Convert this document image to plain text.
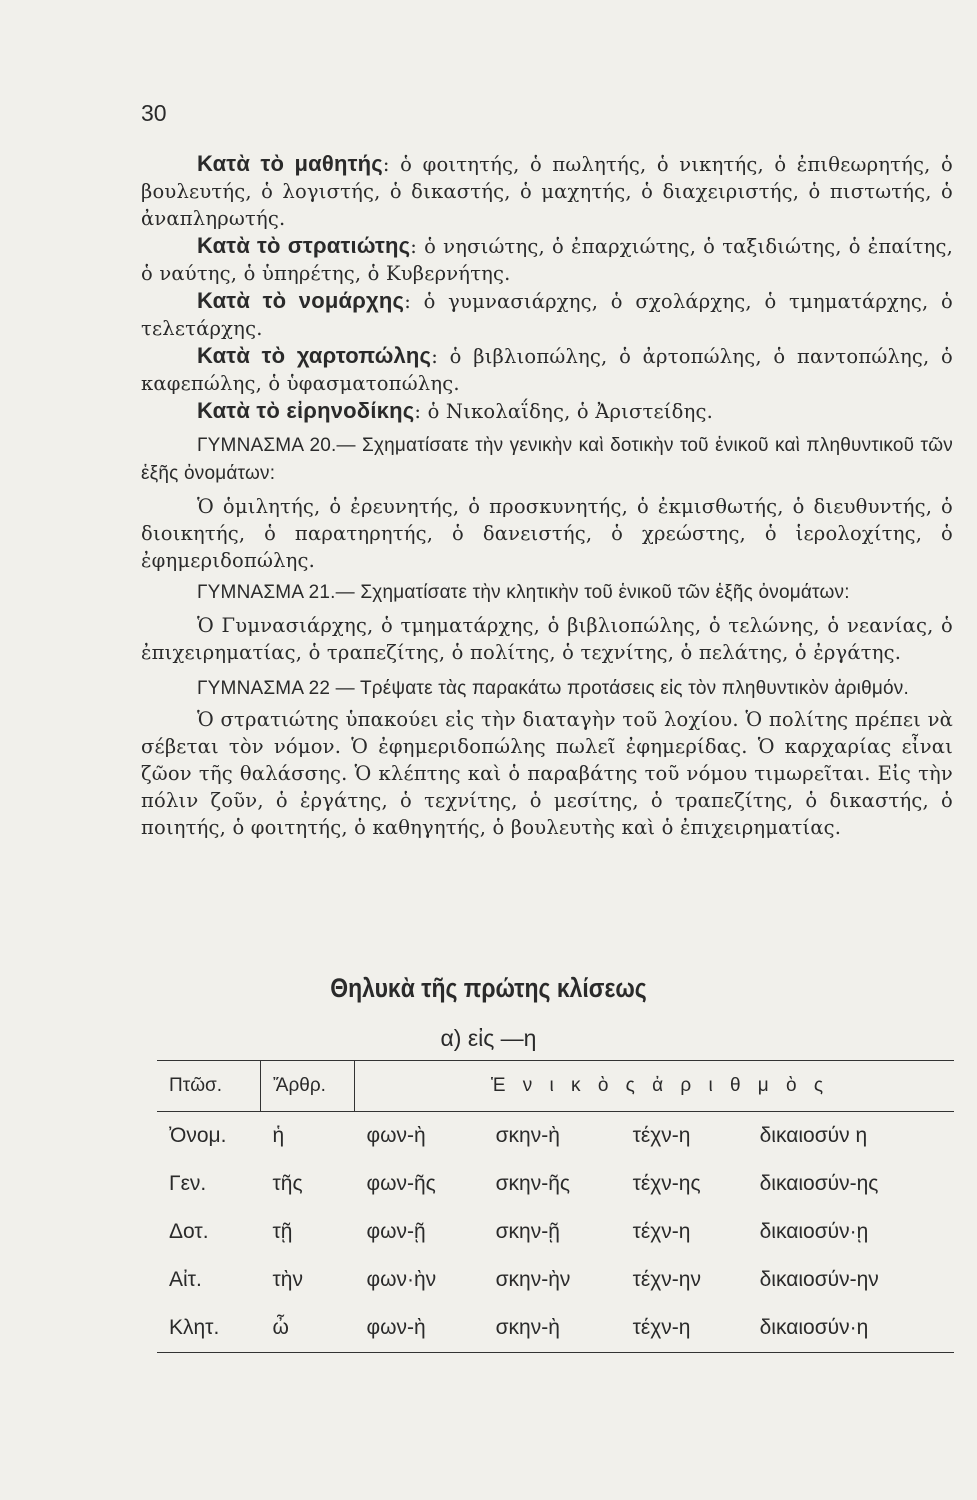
30

Κατὰ τὸ μαθητής: ὁ φοιτητής, ὁ πωλητής, ὁ νικητής, ὁ ἐπιθεωρητής, ὁ βουλευτής, ὁ λογιστής, ὁ δικαστής, ὁ μαχητής, ὁ διαχειριστής, ὁ πιστωτής, ὁ ἀναπληρωτής.

Κατὰ τὸ στρατιώτης: ὁ νησιώτης, ὁ ἐπαρχιώτης, ὁ ταξιδιώτης, ὁ ἐπαίτης, ὁ ναύτης, ὁ ὑπηρέτης, ὁ Κυβερνήτης.

Κατὰ τὸ νομάρχης: ὁ γυμνασιάρχης, ὁ σχολάρχης, ὁ τμηματάρχης, ὁ τελετάρχης.

Κατὰ τὸ χαρτοπώλης: ὁ βιβλιοπώλης, ὁ ἀρτοπώλης, ὁ παντοπώλης, ὁ καφεπώλης, ὁ ὑφασματοπώλης.

Κατὰ τὸ εἰρηνοδίκης: ὁ Νικολαΐδης, ὁ Ἀριστείδης.

ΓΥΜΝΑΣΜΑ 20.— Σχηματίσατε τὴν γενικὴν καὶ δοτικὴν τοῦ ἑνικοῦ καὶ πληθυντικοῦ τῶν ἑξῆς ὀνομάτων:

Ὁ ὁμιλητής, ὁ ἐρευνητής, ὁ προσκυνητής, ὁ ἐκμισθωτής, ὁ διευθυντής, ὁ διοικητής, ὁ παρατηρητής, ὁ δανειστής, ὁ χρεώστης, ὁ ἱερολοχίτης, ὁ ἐφημεριδοπώλης.

ΓΥΜΝΑΣΜΑ 21.— Σχηματίσατε τὴν κλητικὴν τοῦ ἑνικοῦ τῶν ἑξῆς ὀνομάτων:

Ὁ Γυμνασιάρχης, ὁ τμηματάρχης, ὁ βιβλιοπώλης, ὁ τελώνης, ὁ νεανίας, ὁ ἐπιχειρηματίας, ὁ τραπεζίτης, ὁ πολίτης, ὁ τεχνίτης, ὁ πελάτης, ὁ ἐργάτης.

ΓΥΜΝΑΣΜΑ 22 — Τρέψατε τὰς παρακάτω προτάσεις εἰς τὸν πληθυντικὸν ἀριθμόν.

Ὁ στρατιώτης ὑπακούει εἰς τὴν διαταγὴν τοῦ λοχίου. Ὁ πολίτης πρέπει νὰ σέβεται τὸν νόμον. Ὁ ἐφημεριδοπώλης πωλεῖ ἐφημερίδας. Ὁ καρχαρίας εἶναι ζῶον τῆς θαλάσσης. Ὁ κλέπτης καὶ ὁ παραβάτης τοῦ νόμου τιμωρεῖται. Εἰς τὴν πόλιν ζοῦν, ὁ ἐργάτης, ὁ τεχνίτης, ὁ μεσίτης, ὁ τραπεζίτης, ὁ δικαστής, ὁ ποιητής, ὁ φοιτητής, ὁ καθηγητής, ὁ βουλευτὴς καὶ ὁ ἐπιχειρηματίας.

Θηλυκὰ τῆς πρώτης κλίσεως
α) εἰς —η
Πτῶσ.	Ἄρθρ.	Ἑ ν ι κ ὸ ς ἀ ρ ι θ μ ὸ ς			
Ὀνομ.	ἡ	φων-ὴ	σκην-ὴ	τέχν-η	δικαιοσύν η
Γεν.	τῆς	φων-ῆς	σκην-ῆς	τέχν-ης	δικαιοσύν-ης
Δοτ.	τῇ	φων-ῇ	σκην-ῇ	τέχν-η	δικαιοσύν·ῃ
Αἰτ.	τὴν	φων·ὴν	σκην-ὴν	τέχν-ην	δικαιοσύν-ην
Κλητ.	ὦ	φων-ὴ	σκην-ὴ	τέχν-η	δικαιοσύν·η
